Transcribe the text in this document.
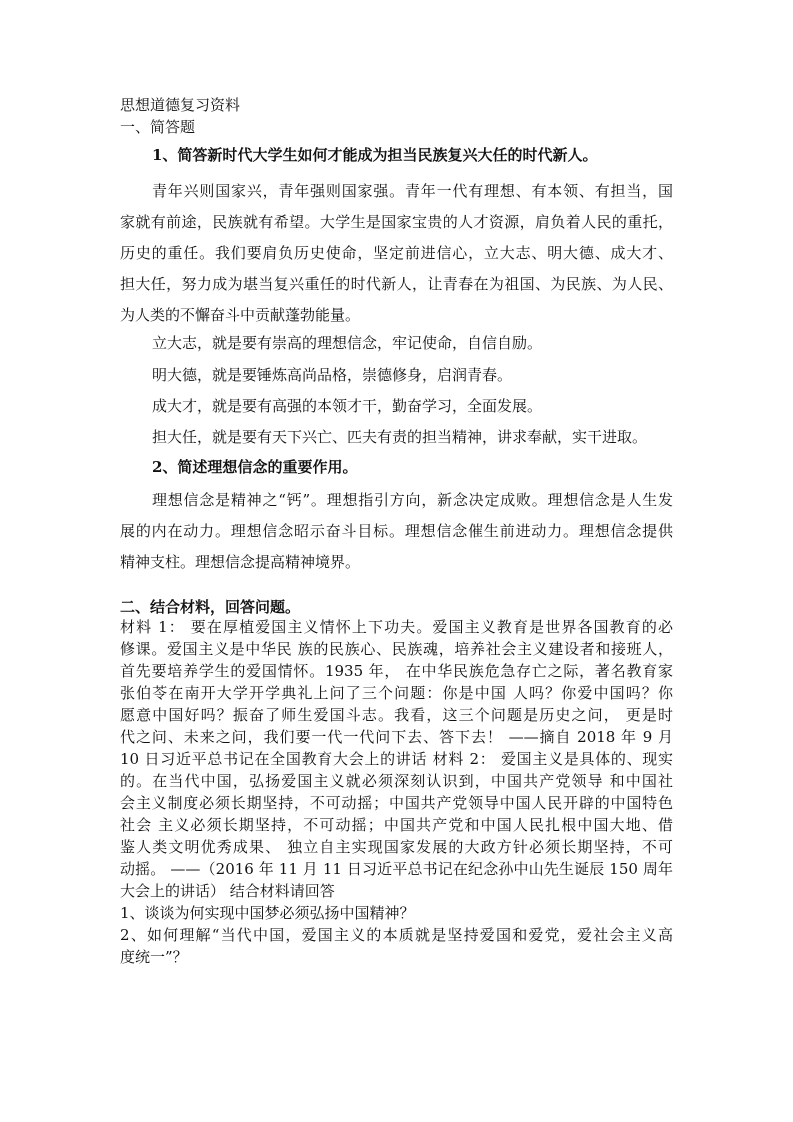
思想道德复习资料
一、简答题
1、简答新时代大学生如何才能成为担当民族复兴大任的时代新人。
青年兴则国家兴，青年强则国家强。青年一代有理想、有本领、有担当，国
家就有前途，民族就有希望。大学生是国家宝贵的人才资源，肩负着人民的重托，
历史的重任。我们要肩负历史使命，坚定前进信心，立大志、明大德、成大才、
担大任，努力成为堪当复兴重任的时代新人，让青春在为祖国、为民族、为人民、
为人类的不懈奋斗中贡献蓬勃能量。
立大志，就是要有崇高的理想信念，牢记使命，自信自励。
明大德，就是要锤炼高尚品格，崇德修身，启润青春。
成大才，就是要有高强的本领才干，勤奋学习，全面发展。
担大任，就是要有天下兴亡、匹夫有责的担当精神，讲求奉献，实干进取。
2、简述理想信念的重要作用。
理想信念是精神之“钙”。理想指引方向，新念决定成败。理想信念是人生发
展的内在动力。理想信念昭示奋斗目标。理想信念催生前进动力。理想信念提供
精神支柱。理想信念提高精神境界。
二、结合材料，回答问题。
材料 1： 要在厚植爱国主义情怀上下功夫。爱国主义教育是世界各国教育的必
修课。爱国主义是中华民 族的民族心、民族魂，培养社会主义建设者和接班人，
首先要培养学生的爱国情怀。1935 年， 在中华民族危急存亡之际，著名教育家
张伯苓在南开大学开学典礼上问了三个问题：你是中国 人吗？你爱中国吗？你
愿意中国好吗？振奋了师生爱国斗志。我看，这三个问题是历史之问， 更是时
代之问、未来之问，我们要一代一代问下去、答下去！ ——摘自 2018 年 9 月
10 日习近平总书记在全国教育大会上的讲话 材料 2： 爱国主义是具体的、现实
的。在当代中国，弘扬爱国主义就必须深刻认识到，中国共产党领导 和中国社
会主义制度必须长期坚持，不可动摇；中国共产党领导中国人民开辟的中国特色
社会 主义必须长期坚持，不可动摇；中国共产党和中国人民扎根中国大地、借
鉴人类文明优秀成果、 独立自主实现国家发展的大政方针必须长期坚持，不可
动摇。 ——（2016 年 11 月 11 日习近平总书记在纪念孙中山先生诞辰 150 周年
大会上的讲话） 结合材料请回答
1、谈谈为何实现中国梦必须弘扬中国精神？
2、如何理解“当代中国，爱国主义的本质就是坚持爱国和爱党，爱社会主义高
度统一”？
